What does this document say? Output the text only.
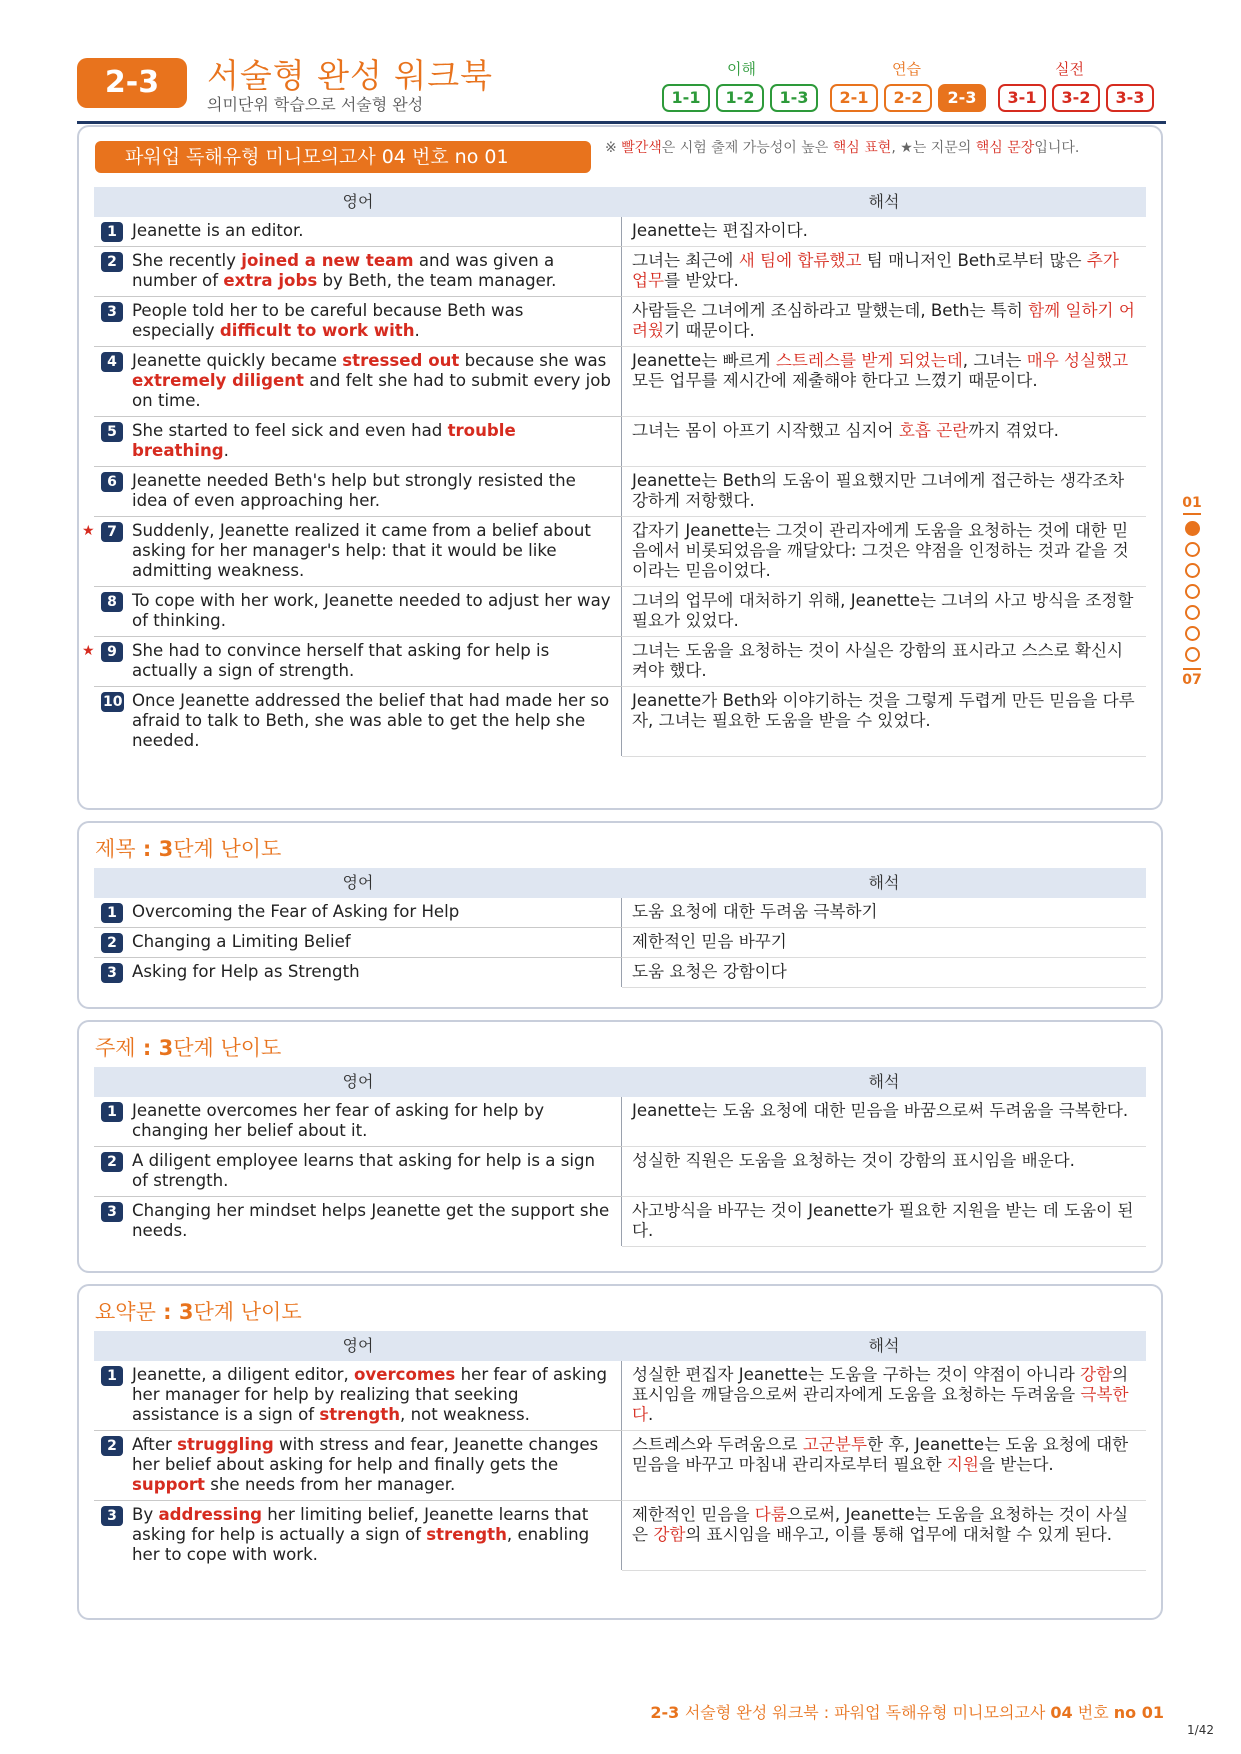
2-3	서술형 완성 워크북
의미단위 학습으로 서술형 완성
이해	연습	실전
1-1	1-2	1-3	2-1	2-2	2-3	3-1	3-2	3-3
파워업 독해유형 미니모의고사 04 번호 no 01	※ 빨간색은 시험 출제 가능성이 높은 핵심 표현, ★는 지문의 핵심 문장입니다.
영어	해석
1 Jeanette is an editor.	Jeanette는 편집자이다.
2 She recently joined a new team and was given a number of extra jobs by Beth, the team manager.
그녀는 최근에 새 팀에 합류했고 팀 매니저인 Beth로부터 많은 추가 업무를 받았다.
3 People told her to be careful because Beth was especially difficult to work with.
사람들은 그녀에게 조심하라고 말했는데, Beth는 특히 함께 일하기 어려웠기 때문이다.
4 Jeanette quickly became stressed out because she was extremely diligent and felt she had to submit every job on time.
Jeanette는 빠르게 스트레스를 받게 되었는데, 그녀는 매우 성실했고 모든 업무를 제시간에 제출해야 한다고 느꼈기 때문이다.
5 She started to feel sick and even had trouble breathing.
그녀는 몸이 아프기 시작했고 심지어 호흡 곤란까지 겪었다.
6 Jeanette needed Beth's help but strongly resisted the idea of even approaching her.
Jeanette는 Beth의 도움이 필요했지만 그녀에게 접근하는 생각조차 강하게 저항했다.
★ 7 Suddenly, Jeanette realized it came from a belief about asking for her manager's help: that it would be like admitting weakness.
갑자기 Jeanette는 그것이 관리자에게 도움을 요청하는 것에 대한 믿음에서 비롯되었음을 깨달았다: 그것은 약점을 인정하는 것과 같을 것이라는 믿음이었다.
8 To cope with her work, Jeanette needed to adjust her way of thinking.
그녀의 업무에 대처하기 위해, Jeanette는 그녀의 사고 방식을 조정할 필요가 있었다.
★ 9 She had to convince herself that asking for help is actually a sign of strength.
그녀는 도움을 요청하는 것이 사실은 강함의 표시라고 스스로 확신시켜야 했다.
10 Once Jeanette addressed the belief that had made her so afraid to talk to Beth, she was able to get the help she needed.
Jeanette가 Beth와 이야기하는 것을 그렇게 두렵게 만든 믿음을 다루자, 그녀는 필요한 도움을 받을 수 있었다.
제목 : 3단계 난이도
영어	해석
1 Overcoming the Fear of Asking for Help	도움 요청에 대한 두려움 극복하기
2 Changing a Limiting Belief	제한적인 믿음 바꾸기
3 Asking for Help as Strength	도움 요청은 강함이다
주제 : 3단계 난이도
영어	해석
1 Jeanette overcomes her fear of asking for help by changing her belief about it.
Jeanette는 도움 요청에 대한 믿음을 바꿈으로써 두려움을 극복한다.
2 A diligent employee learns that asking for help is a sign of strength.
성실한 직원은 도움을 요청하는 것이 강함의 표시임을 배운다.
3 Changing her mindset helps Jeanette get the support she needs.
사고방식을 바꾸는 것이 Jeanette가 필요한 지원을 받는 데 도움이 된다.
요약문 : 3단계 난이도
영어	해석
1 Jeanette, a diligent editor, overcomes her fear of asking her manager for help by realizing that seeking assistance is a sign of strength, not weakness.
성실한 편집자 Jeanette는 도움을 구하는 것이 약점이 아니라 강함의 표시임을 깨달음으로써 관리자에게 도움을 요청하는 두려움을 극복한다.
2 After struggling with stress and fear, Jeanette changes her belief about asking for help and finally gets the support she needs from her manager.
스트레스와 두려움으로 고군분투한 후, Jeanette는 도움 요청에 대한 믿음을 바꾸고 마침내 관리자로부터 필요한 지원을 받는다.
3 By addressing her limiting belief, Jeanette learns that asking for help is actually a sign of strength, enabling her to cope with work.
제한적인 믿음을 다룸으로써, Jeanette는 도움을 요청하는 것이 사실은 강함의 표시임을 배우고, 이를 통해 업무에 대처할 수 있게 된다.
01
07
2-3 서술형 완성 워크북 : 파워업 독해유형 미니모의고사 04 번호 no 01
1/42
